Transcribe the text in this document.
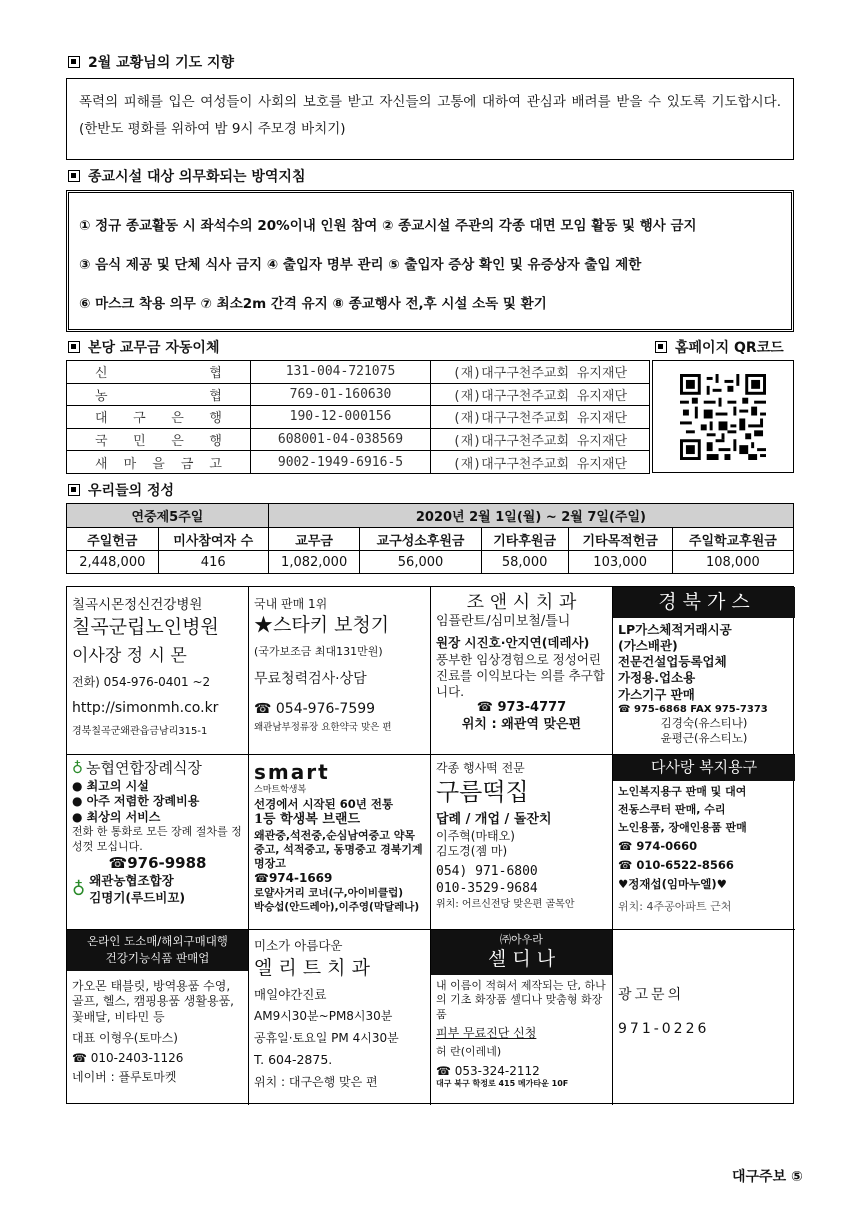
2월 교황님의 기도 지향

폭력의 피해를 입은 여성들이 사회의 보호를 받고 자신들의 고통에 대하여 관심과 배려를 받을 수 있도록 기도합시다. (한반도 평화를 위하여 밤 9시 주모경 바치기)

종교시설 대상 의무화되는 방역지침

① 정규 종교활동 시 좌석수의 20%이내 인원 참여 ② 종교시설 주관의 각종 대면 모임 활동 및 행사 금지

③ 음식 제공 및 단체 식사 금지 ④ 출입자 명부 관리 ⑤ 출입자 증상 확인 및 유증상자 출입 제한

⑥ 마스크 착용 의무 ⑦ 최소2m 간격 유지 ⑧ 종교행사 전,후 시설 소독 및 환기

본당 교무금 자동이체	홈페이지 QR코드
신 협	131-004-721075	(재)대구구천주교회 유지재단
농 협	769-01-160630	(재)대구구천주교회 유지재단
대 구 은 행	190-12-000156	(재)대구구천주교회 유지재단
국 민 은 행	608001-04-038569	(재)대구구천주교회 유지재단
새 마 을 금 고	9002-1949-6916-5	(재)대구구천주교회 유지재단
우리들의 정성
연중제5주일		2020년 2월 1일(월) ~ 2월 7일(주일)				
주일헌금	미사참여자 수	교무금	교구성소후원금	기타후원금	기타목적헌금	주일학교후원금
2,448,000	416	1,082,000	56,000	58,000	103,000	108,000
칠곡시몬정신건강병원
칠곡군립노인병원
이사장 정 시 몬
전화) 054-976-0401 ~2
http://simonmh.co.kr
경북칠곡군왜관읍금남리315-1
국내 판매 1위
★스타키 보청기
(국가보조금 최대131만원)
무료청력검사·상담
☎ 054-976-7599
왜관남부정류장 요한약국 맞은 편
조 앤 시 치 과
임플란트/심미보철/틀니
원장 시진호·안지연(데레사)
풍부한 임상경험으로 정성어린 진료를 이익보다는 의를 추구합니다.
☎ 973-4777
위치 : 왜관역 맞은편
경 북 가 스
LP가스체적거래시공
(가스배관)
전문건설업등록업체
가정용.업소용
가스기구 판매
☎ 975-6868 FAX 975-7373
김경숙(유스티나)
윤평근(유스티노)
♁ 농협연합장례식장
● 최고의 시설
● 아주 저렴한 장례비용
● 최상의 서비스
전화 한 통화로 모든 장례 절차를 정성껏 모십니다.
☎976-9988
♁ 왜관농협조합장
김명기(루드비꼬)
smart
스마트학생복
선경에서 시작된 60년 전통
1등 학생복 브랜드
왜관중,석전중,순심남여중고 약목중고, 석적중고, 동명중고 경북기계명장고
☎974-1669
로얄사거리 코너(구,아이비클럽)
박승섭(안드레아),이주영(막달레나)
각종 행사떡 전문
구름떡집
답례 / 개업 / 돌잔치
이주혁(마태오)
김도경(젬 마)
054) 971-6800
010-3529-9684
위치: 어르신전당 맞은편 골목안
다사랑 복지용구
노인복지용구 판매 및 대여
전동스쿠터 판매, 수리
노인용품, 장애인용품 판매
☎ 974-0660
☎ 010-6522-8566
♥정재섭(임마누엘)♥
위치: 4주공아파트 근처
온라인 도소매/해외구매대행
건강기능식품 판매업
가오몬 태블릿, 방역용품 수영, 골프, 헬스, 캠핑용품 생활용품, 꽃배달, 비타민 등
대표 이형우(토마스)
☎ 010-2403-1126
네이버 : 플루토마켓
미소가 아름다운
엘 리 트 치 과
매일야간진료
AM9시30분~PM8시30분
공휴일·토요일 PM 4시30분
T. 604-2875.
위치 : 대구은행 맞은 편
㈜아우라
셀 디 나
내 이름이 적혀서 제작되는 단, 하나의 기초 화장품 셀디나 맞춤형 화장품
피부 무료진단 신청
허 란(이레네)
☎ 053-324-2112
대구 북구 학정로 415 메가타운 10F
광고문의
971-0226
대구주보 ⑤
